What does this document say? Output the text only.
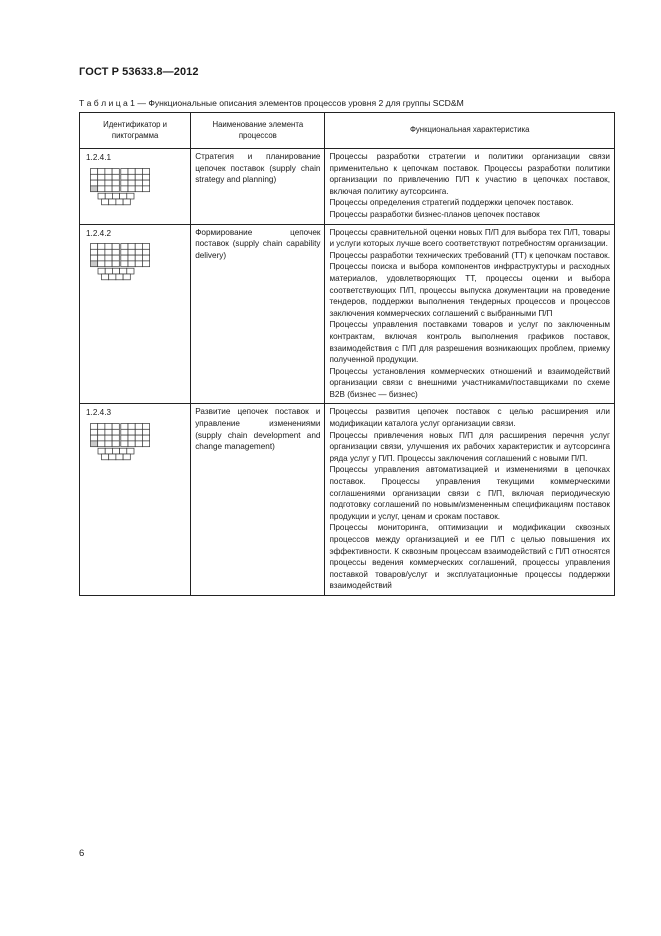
ГОСТ Р 53633.8—2012
Т а б л и ц а 1 — Функциональные описания элементов процессов уровня 2 для группы SCD&M
Идентификатор и пиктограмма	Наименование элемента процессов	Функциональная характеристика

1.2.4.1	Стратегия и планирование цепочек поставок (supply chain strategy and planning)	Процессы разработки стратегии и политики организации связи применительно к цепочкам поставок. Процессы разработки политики организации по привлечению П/П к участию в цепочках поставок, включая политику аутсорсинга.

Процессы определения стратегий поддержки цепочек поставок.

Процессы разработки бизнес-планов цепочек поставок

1.2.4.2	Формирование цепочек поставок (supply chain capability delivery)	Процессы сравнительной оценки новых П/П для выбора тех П/П, товары и услуги которых лучше всего соответствуют потребностям организации.

Процессы разработки технических требований (ТТ) к цепочкам поставок. Процессы поиска и выбора компонентов инфраструктуры и расходных материалов, удовлетворяющих ТТ, процессы оценки и выбора соответствующих П/П, процессы выпуска документации на проведение тендеров, поддержки выполнения тендерных процессов и процессов заключения коммерческих соглашений с выбранными П/П

Процессы управления поставками товаров и услуг по заключенным контрактам, включая контроль выполнения графиков поставок, взаимодействия с П/П для разрешения возникающих проблем, приемку полученной продукции.

Процессы установления коммерческих отношений и взаимодействий организации связи с внешними участниками/поставщиками по схеме В2В (бизнес — бизнес)

1.2.4.3	Развитие цепочек поставок и управление изменениями (supply chain development and change management)	Процессы развития цепочек поставок с целью расширения или модификации каталога услуг организации связи.

Процессы привлечения новых П/П для расширения перечня услуг организации связи, улучшения их рабочих характеристик и аутсорсинга ряда услуг у П/П. Процессы заключения соглашений с новыми П/П.

Процессы управления автоматизацией и изменениями в цепочках поставок. Процессы управления текущими коммерческими соглашениями организации связи с П/П, включая периодическую подготовку соглашений по новым/измененным спецификациям поставок продукции и услуг, ценам и срокам поставок.

Процессы мониторинга, оптимизации и модификации сквозных процессов между организацией и ее П/П с целью повышения их эффективности. К сквозным процессам взаимодействий с П/П относятся процессы ведения коммерческих соглашений, процессы управления поставкой товаров/услуг и эксплуатационные процессы поддержки взаимодействий

6
